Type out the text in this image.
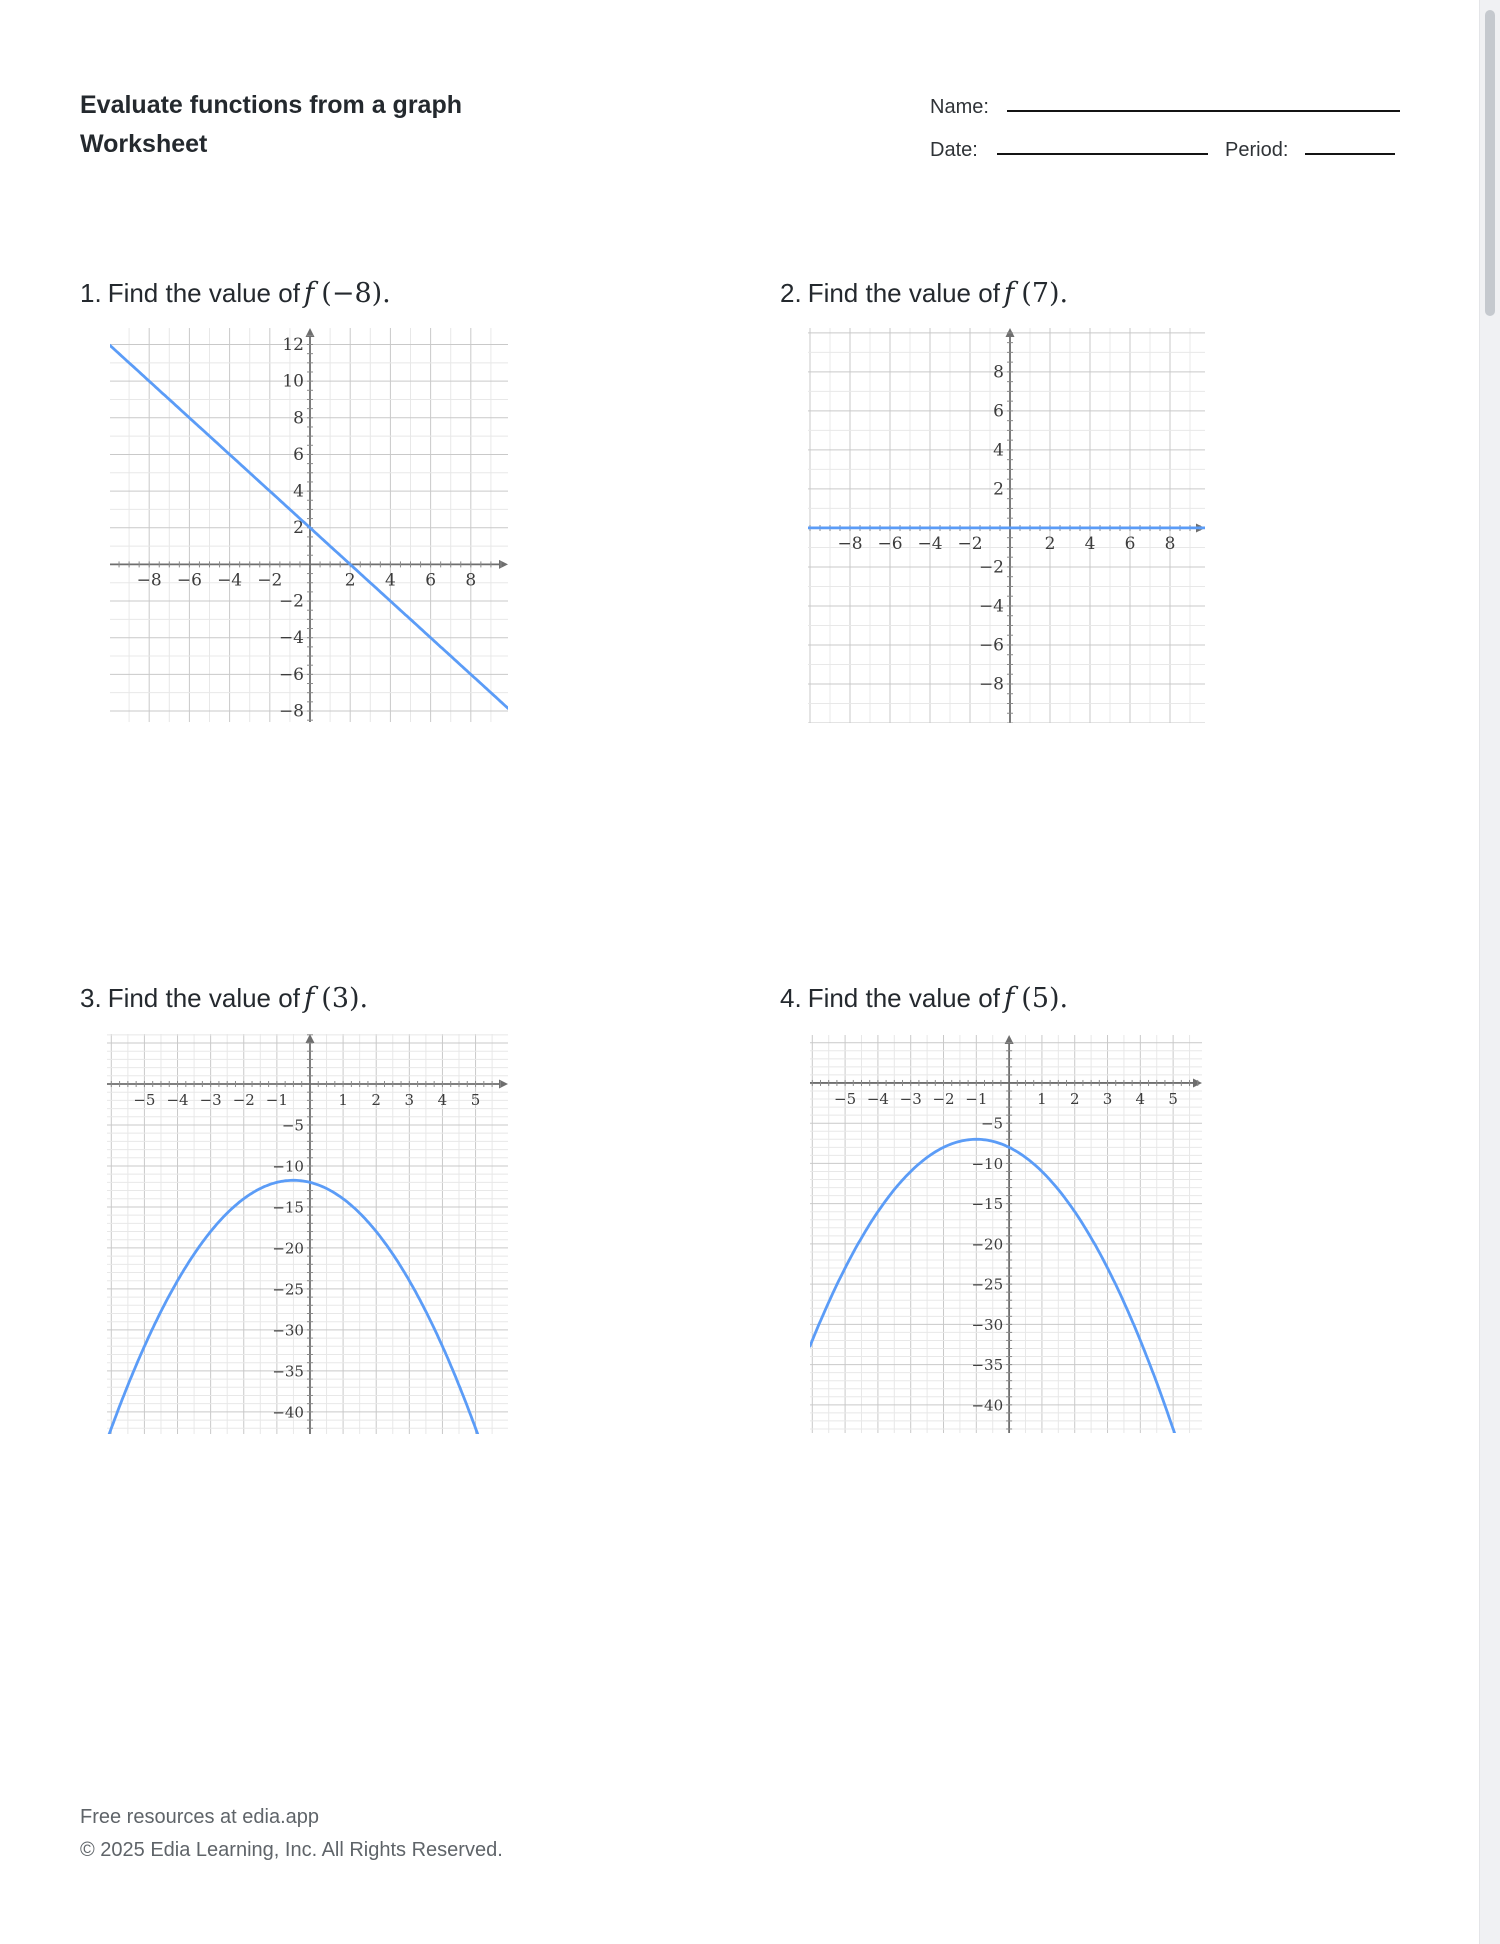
Evaluate functions from a graph
Worksheet
Name:
Date:	Period:
1. Find the value of f (−8).
−8 −6 −4 −2	2 4 6 8
−8
−6
−4
−2
2
4
6
8
10
12
2. Find the value of f (7).
−8 −6 −4 −2	2 4 6 8
−8
−6
−4
−2
2
4
6
8
3. Find the value of f (3).
−5 −4 −3 −2 −1	1 2 3 4 5
−40
−35
−30
−25
−20
−15
−10
−5
4. Find the value of f (5).
−5 −4 −3 −2 −1	1 2 3 4 5
−40
−35
−30
−25
−20
−15
−10
−5
Free resources at edia.app
© 2025 Edia Learning, Inc. All Rights Reserved.
